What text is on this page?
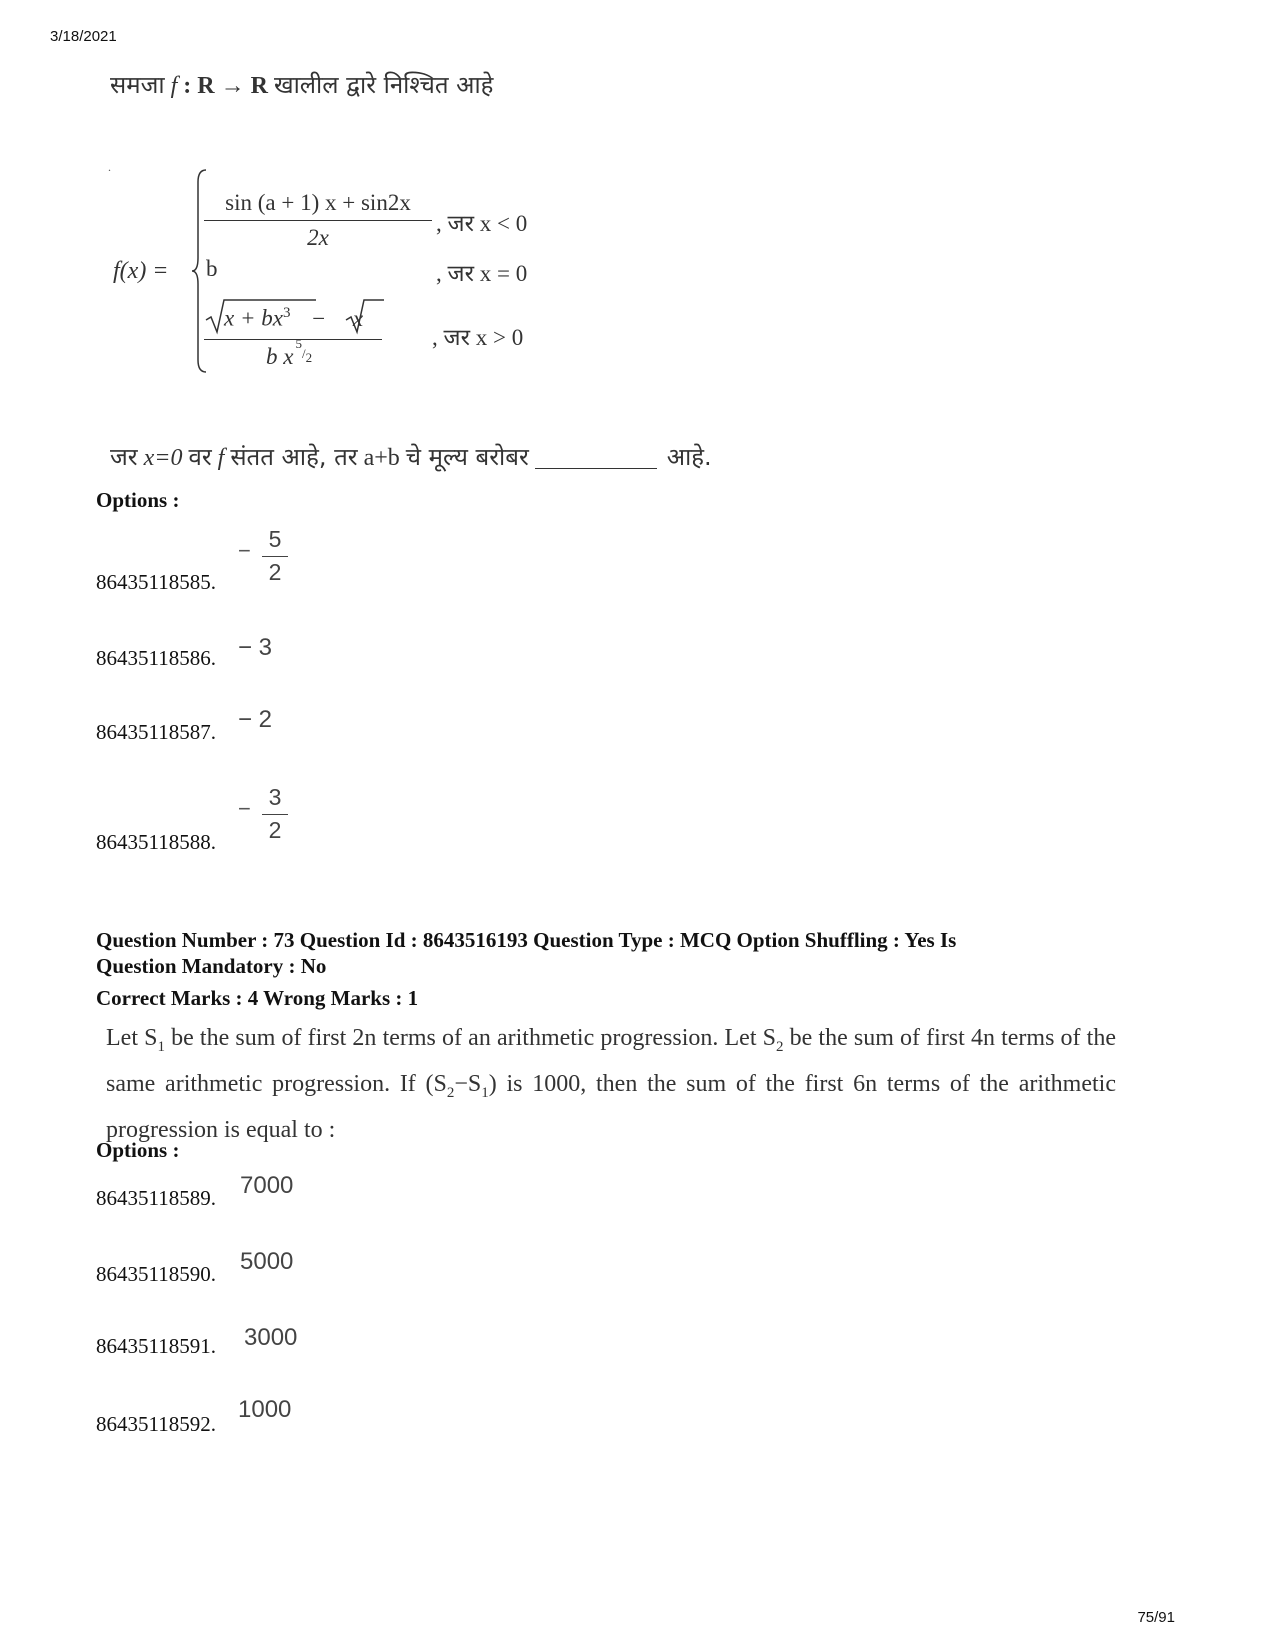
3/18/2021
समजा f : R → R खालील द्वारे निश्चित आहे
.
f(x) =
$\frac{\sin (a + 1) x + \sin 2x}{2x}$ , जर x < 0
b	, जर x = 0
$x + bx^3 - x$
b $x^{5/}2$
, जर x > 0
जर x=0 वर f संतत आहे, तर a+b चे मूल्य बरोबर	आहे.
Options :
86435118585.
− 5
2
86435118586. − 3
86435118587. − 2
86435118588.
− 3
2
Question Number : 73 Question Id : 8643516193 Question Type : MCQ Option Shuffling : Yes Is
Question Mandatory : No
Correct Marks : 4 Wrong Marks : 1
Let $S_1$ be the sum of first 2n terms of an arithmetic progression. Let $S_2$ be the sum of first 4n terms of the same arithmetic progression. If $(S_2-S_1)$ is 1000, then the sum of the first 6n terms of the arithmetic progression is equal to :
Options :
86435118589. 7000
86435118590. 5000
86435118591. 3000
86435118592.
1000
75/91
